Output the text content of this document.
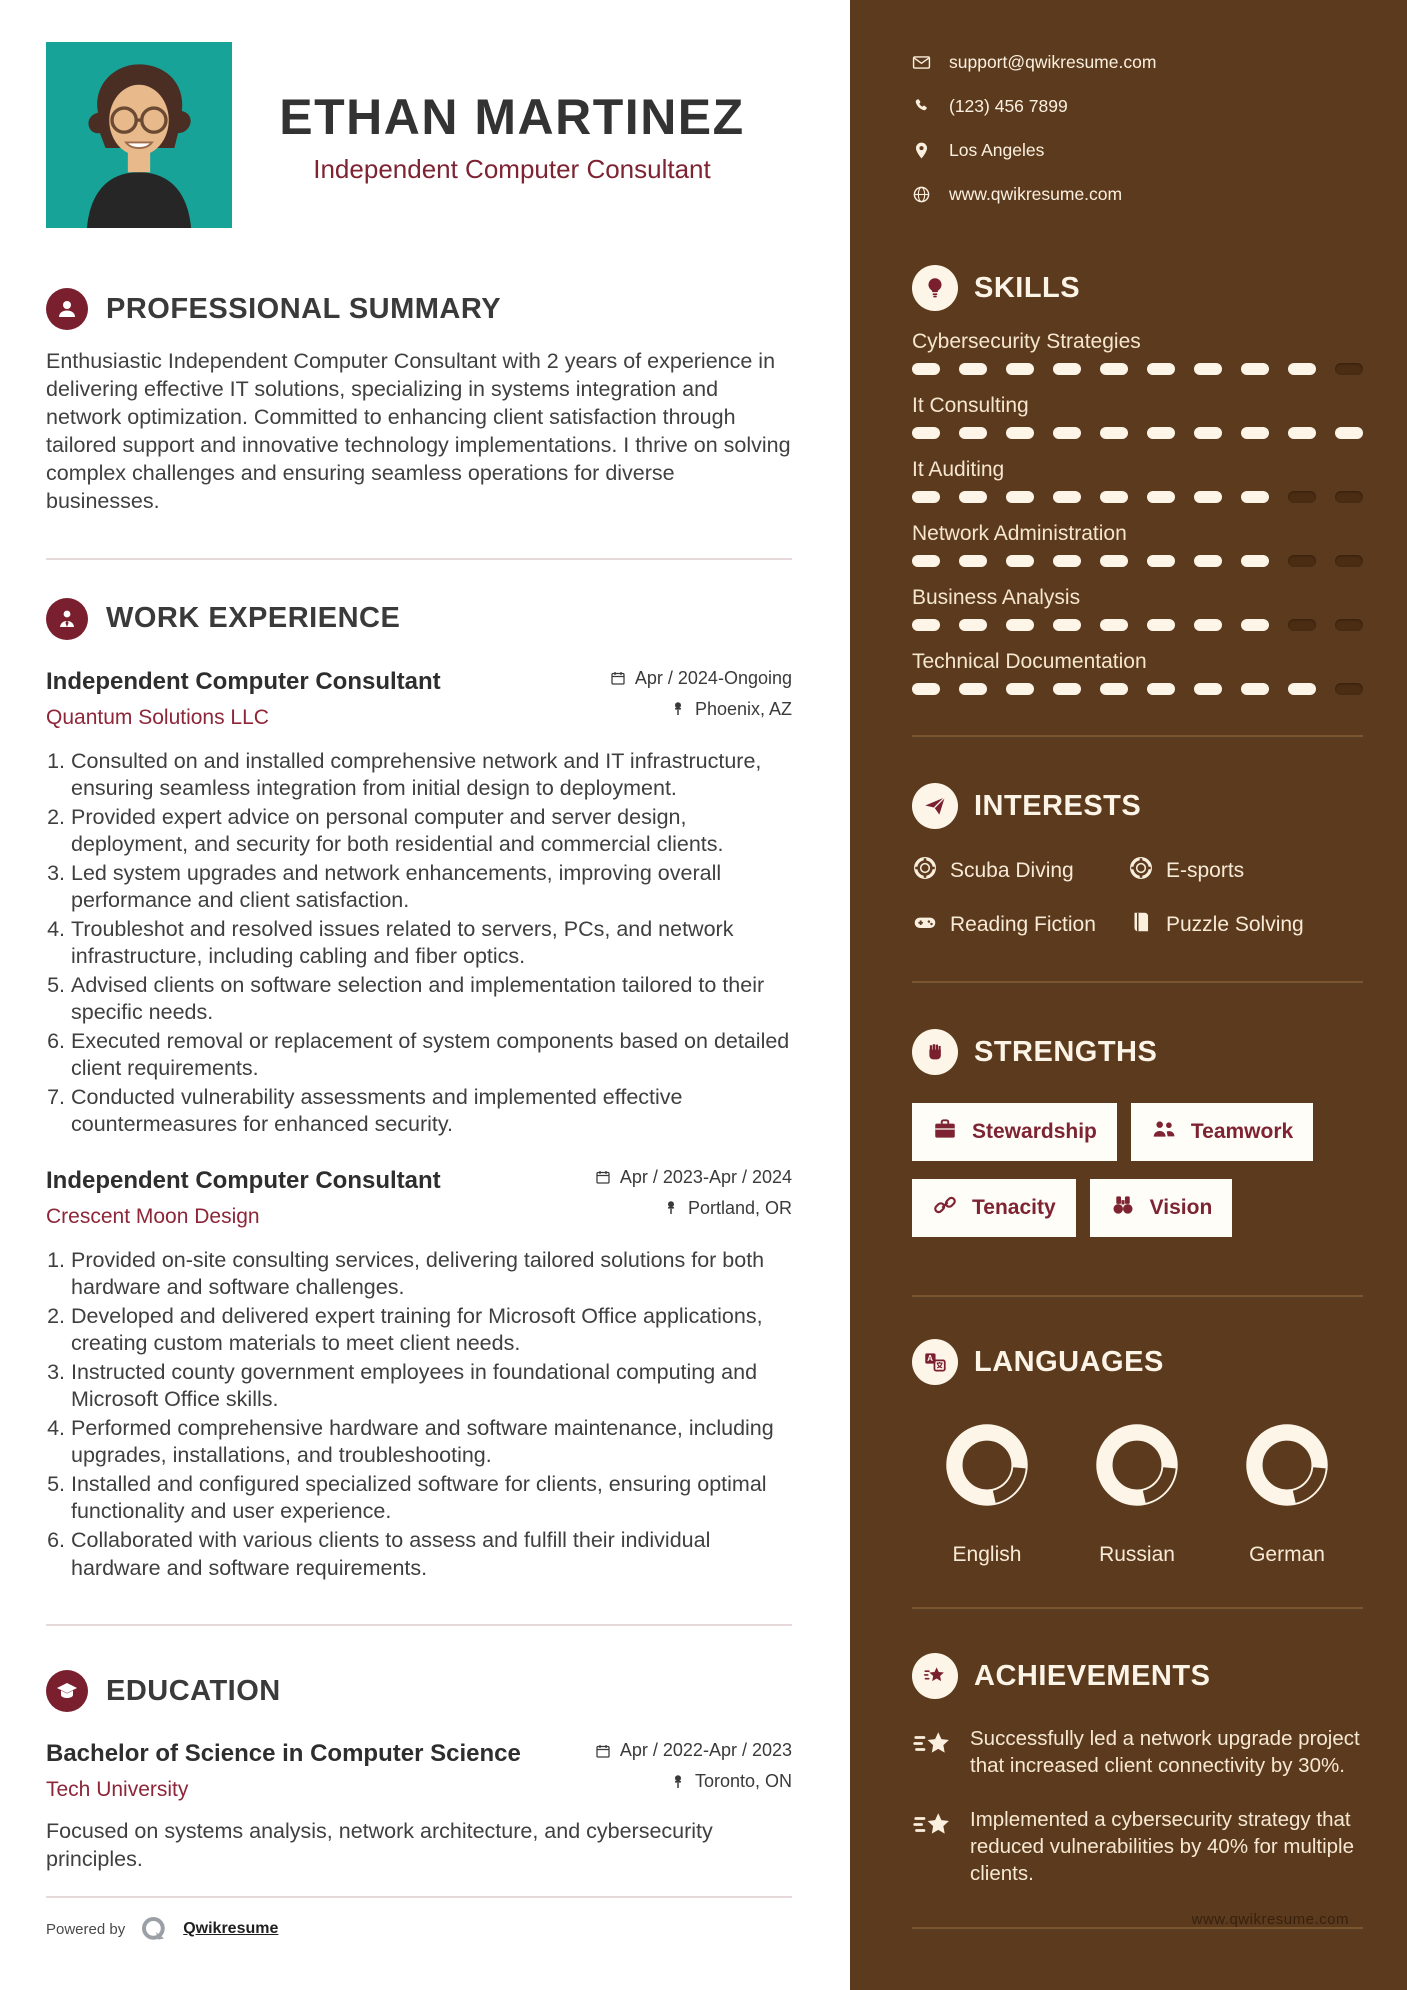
ETHAN MARTINEZ
Independent Computer Consultant
PROFESSIONAL SUMMARY

Enthusiastic Independent Computer Consultant with 2 years of experience in delivering effective IT solutions, specializing in systems integration and network optimization. Committed to enhancing client satisfaction through tailored support and innovative technology implementations. I thrive on solving complex challenges and ensuring seamless operations for diverse businesses.

WORK EXPERIENCE
Independent Computer Consultant
Quantum Solutions LLC
Apr / 2024-Ongoing
Phoenix, AZ
1. Consulted on and installed comprehensive network and IT infrastructure, ensuring seamless integration from initial design to deployment.
2. Provided expert advice on personal computer and server design, deployment, and security for both residential and commercial clients.
3. Led system upgrades and network enhancements, improving overall performance and client satisfaction.
4. Troubleshot and resolved issues related to servers, PCs, and network infrastructure, including cabling and fiber optics.
5. Advised clients on software selection and implementation tailored to their specific needs.
6. Executed removal or replacement of system components based on detailed client requirements.
7. Conducted vulnerability assessments and implemented effective countermeasures for enhanced security.
Independent Computer Consultant
Crescent Moon Design
Apr / 2023-Apr / 2024
Portland, OR
1. Provided on-site consulting services, delivering tailored solutions for both hardware and software challenges.
2. Developed and delivered expert training for Microsoft Office applications, creating custom materials to meet client needs.
3. Instructed county government employees in foundational computing and Microsoft Office skills.
4. Performed comprehensive hardware and software maintenance, including upgrades, installations, and troubleshooting.
5. Installed and configured specialized software for clients, ensuring optimal functionality and user experience.
6. Collaborated with various clients to assess and fulfill their individual hardware and software requirements.
EDUCATION
Bachelor of Science in Computer Science
Tech University
Apr / 2022-Apr / 2023
Toronto, ON

Focused on systems analysis, network architecture, and cybersecurity principles.

Powered by	Qwikresume
support@qwikresume.com
(123) 456 7899
Los Angeles
www.qwikresume.com
SKILLS
Cybersecurity Strategies
It Consulting
It Auditing
Network Administration
Business Analysis
Technical Documentation
INTERESTS
Scuba Diving	E-sports
Reading Fiction	Puzzle Solving
STRENGTHS
Stewardship	Teamwork
Tenacity	Vision
A LANGUAGES
English	Russian	German
ACHIEVEMENTS
Successfully led a network upgrade project that increased client connectivity by 30%.
Implemented a cybersecurity strategy that reduced vulnerabilities by 40% for multiple clients.
www.qwikresume.com
